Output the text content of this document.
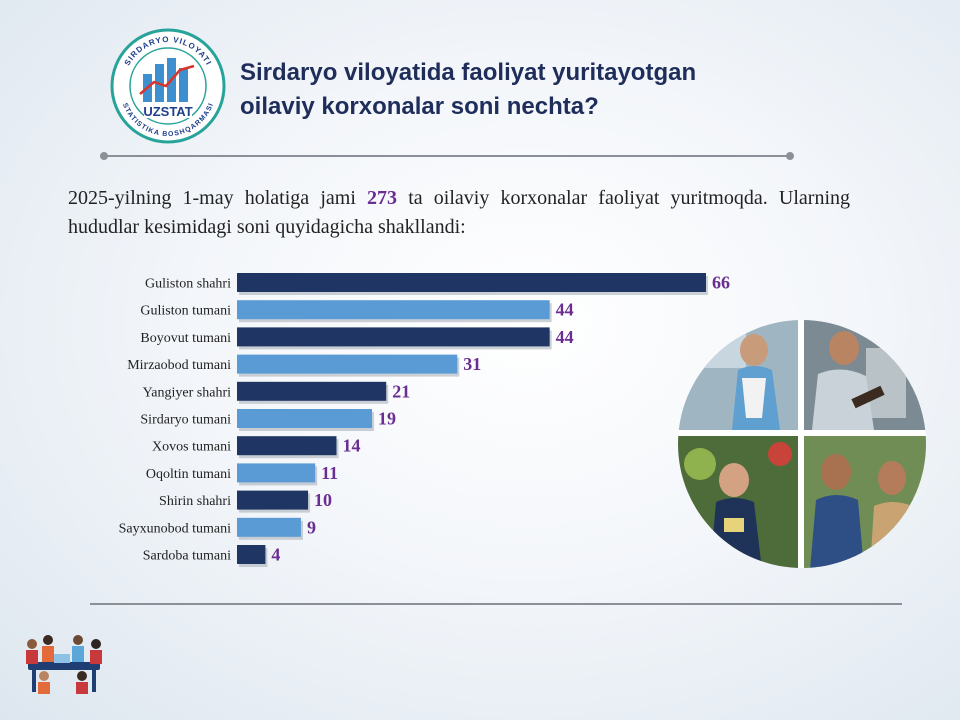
SIRDARYO VILOYATI
STATISTIKA BOSHQARMASI
UZSTAT
Sirdaryo viloyatida faoliyat yuritayotgan
oilaviy korxonalar soni nechta?

2025-yilning 1-may holatiga jami 273 ta oilaviy korxonalar faoliyat yuritmoqda. Ularning hududlar kesimidagi soni quyidagicha shakllandi:

Guliston shahri	66
Guliston tumani	44
Boyovut tumani	44
Mirzaobod tumani	31
Yangiyer shahri	21
Sirdaryo tumani	19
Xovos tumani	14
Oqoltin tumani	11
Shirin shahri	10
Sayxunobod tumani	9
Sardoba tumani 4
